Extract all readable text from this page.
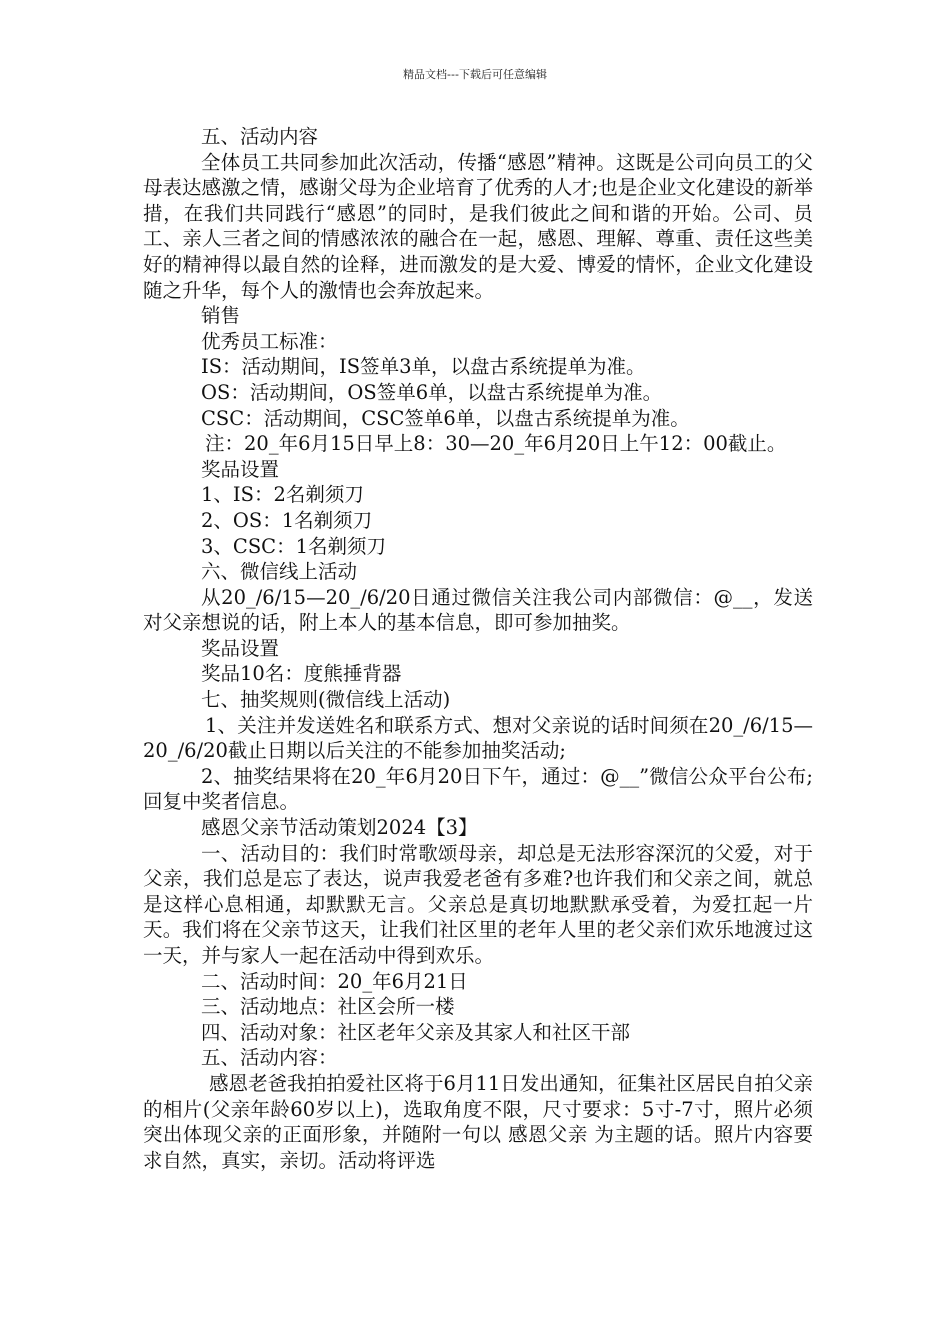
精品文档---下载后可任意编辑

五、活动内容

全体员工共同参加此次活动，传播“感恩”精神。这既是公司向员工的父母表达感激之情，感谢父母为企业培育了优秀的人才;也是企业文化建设的新举措，在我们共同践行“感恩”的同时，是我们彼此之间和谐的开始。公司、员工、亲人三者之间的情感浓浓的融合在一起，感恩、理解、尊重、责任这些美好的精神得以最自然的诠释，进而激发的是大爱、博爱的情怀，企业文化建设随之升华，每个人的激情也会奔放起来。

销售

优秀员工标准：

IS：活动期间，IS签单3单，以盘古系统提单为准。

OS：活动期间，OS签单6单，以盘古系统提单为准。

CSC：活动期间，CSC签单6单，以盘古系统提单为准。

注：20_年6月15日早上8：30—20_年6月20日上午12：00截止。

奖品设置

1、IS：2名剃须刀

2、OS：1名剃须刀

3、CSC：1名剃须刀

六、微信线上活动

从20_/6/15—20_/6/20日通过微信关注我公司内部微信：@__，发送对父亲想说的话，附上本人的基本信息，即可参加抽奖。

奖品设置

奖品10名：度熊捶背器

七、抽奖规则(微信线上活动)

1、关注并发送姓名和联系方式、想对父亲说的话时间须在20_/6/15—20_/6/20截止日期以后关注的不能参加抽奖活动;

2、抽奖结果将在20_年6月20日下午，通过：@__”微信公众平台公布;回复中奖者信息。

感恩父亲节活动策划2024【3】

一、活动目的：我们时常歌颂母亲，却总是无法形容深沉的父爱，对于父亲，我们总是忘了表达，说声我爱老爸有多难?也许我们和父亲之间，就总是这样心息相通，却默默无言。父亲总是真切地默默承受着，为爱扛起一片天。我们将在父亲节这天，让我们社区里的老年人里的老父亲们欢乐地渡过这一天，并与家人一起在活动中得到欢乐。

二、活动时间：20_年6月21日

三、活动地点：社区会所一楼

四、活动对象：社区老年父亲及其家人和社区干部

五、活动内容：

感恩老爸我拍拍爱社区将于6月11日发出通知，征集社区居民自拍父亲的相片(父亲年龄60岁以上)，选取角度不限，尺寸要求：5寸-7寸，照片必须突出体现父亲的正面形象，并随附一句以 感恩父亲 为主题的话。照片内容要求自然，真实，亲切。活动将评选
